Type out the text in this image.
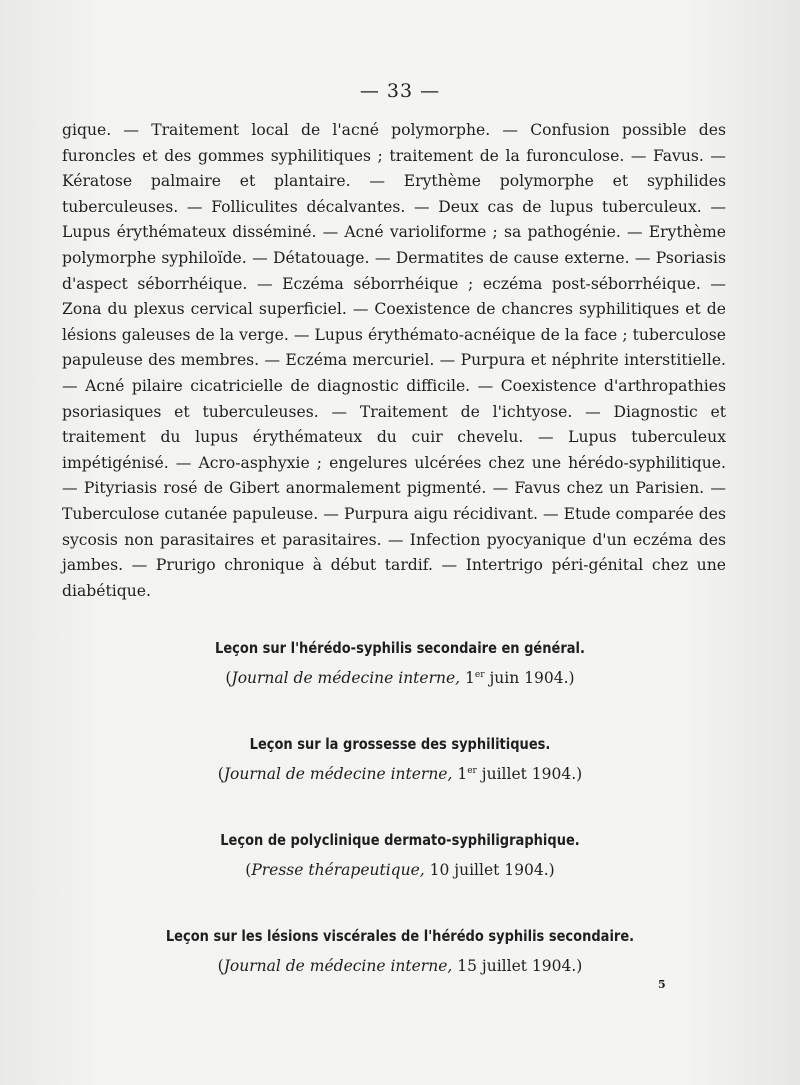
— 33 —
gique. — Traitement local de l'acné polymorphe. — Confusion possible des furoncles et des gommes syphilitiques ; traitement de la furonculose. — Favus. — Kératose palmaire et plantaire. — Erythème polymorphe et syphilides tuberculeuses. — Folliculites décalvantes. — Deux cas de lupus tuberculeux. — Lupus érythémateux disséminé. — Acné varioliforme ; sa pathogénie. — Erythème polymorphe syphiloïde. — Détatouage. — Dermatites de cause externe. — Psoriasis d'aspect séborrhéique. — Eczéma séborrhéique ; eczéma post-séborrhéique. — Zona du plexus cervical superficiel. — Coexistence de chancres syphilitiques et de lésions galeuses de la verge. — Lupus érythémato-acnéique de la face ; tuberculose papuleuse des membres. — Eczéma mercuriel. — Purpura et néphrite interstitielle. — Acné pilaire cicatricielle de diagnostic difficile. — Coexistence d'arthropathies psoriasiques et tuberculeuses. — Traitement de l'ichtyose. — Diagnostic et traitement du lupus érythémateux du cuir chevelu. — Lupus tuberculeux impétigénisé. — Acro-asphyxie ; engelures ulcérées chez une hérédo-syphilitique. — Pityriasis rosé de Gibert anormalement pigmenté. — Favus chez un Parisien. — Tuberculose cutanée papuleuse. — Purpura aigu récidivant. — Etude comparée des sycosis non parasitaires et parasitaires. — Infection pyocyanique d'un eczéma des jambes. — Prurigo chronique à début tardif. — Intertrigo péri-génital chez une diabétique.
Leçon sur l'hérédo-syphilis secondaire en général.
(Journal de médecine interne, 1er juin 1904.)
Leçon sur la grossesse des syphilitiques.
(Journal de médecine interne, 1er juillet 1904.)
Leçon de polyclinique dermato-syphiligraphique.
(Presse thérapeutique, 10 juillet 1904.)
Leçon sur les lésions viscérales de l'hérédo syphilis secondaire.
(Journal de médecine interne, 15 juillet 1904.)
5
